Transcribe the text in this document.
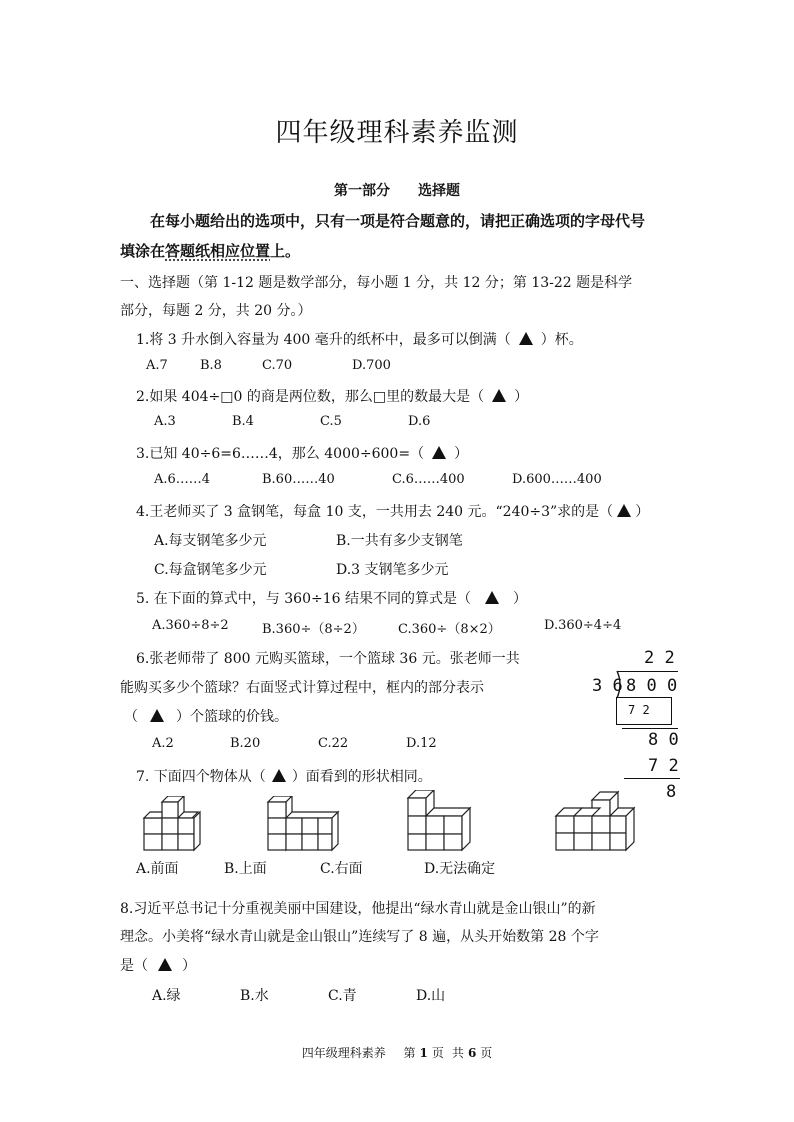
四年级理科素养监测
第一部分 选择题
在每小题给出的选项中，只有一项是符合题意的，请把正确选项的字母代号
填涂在答题纸相应位置上。
一、选择题（第 1-12 题是数学部分，每小题 1 分，共 12 分；第 13-22 题是科学
部分，每题 2 分，共 20 分。）
1.将 3 升水倒入容量为 400 毫升的纸杯中，最多可以倒满（ ）杯。
A.7 B.8	C.70	D.700
2.如果 404÷□0 的商是两位数，那么□里的数最大是（ ）
A.3	B.4	C.5	D.6
3.已知 40÷6=6……4，那么 4000÷600=（ ）
A.6……4	B.60……40	C.6……400	D.600……400
4.王老师买了 3 盒钢笔，每盒 10 支，一共用去 240 元。“240÷3”求的是（ ）
A.每支钢笔多少元	B.一共有多少支钢笔
C.每盒钢笔多少元	D.3 支钢笔多少元
5. 在下面的算式中，与 360÷16 结果不同的算式是（	）
A.360÷8÷2	B.360÷（8÷2）	C.360÷（8×2）	D.360÷4÷4
6.张老师带了 800 元购买篮球，一个篮球 36 元。张老师一共
能购买多少个篮球？右面竖式计算过程中，框内的部分表示
（	）个篮球的价钱。
A.2	B.20	C.22	D.12
2 2
3 6 8 0 0
7 2
8 0
7 2
8
7. 下面四个物体从（ ）面看到的形状相同。
A.前面	B.上面	C.右面	D.无法确定
8.习近平总书记十分重视美丽中国建设，他提出“绿水青山就是金山银山”的新
理念。小美将“绿水青山就是金山银山”连续写了 8 遍，从头开始数第 28 个字
是（ ）
A.绿	B.水	C.青	D.山
四年级理科素养 第 1 页 共 6 页
